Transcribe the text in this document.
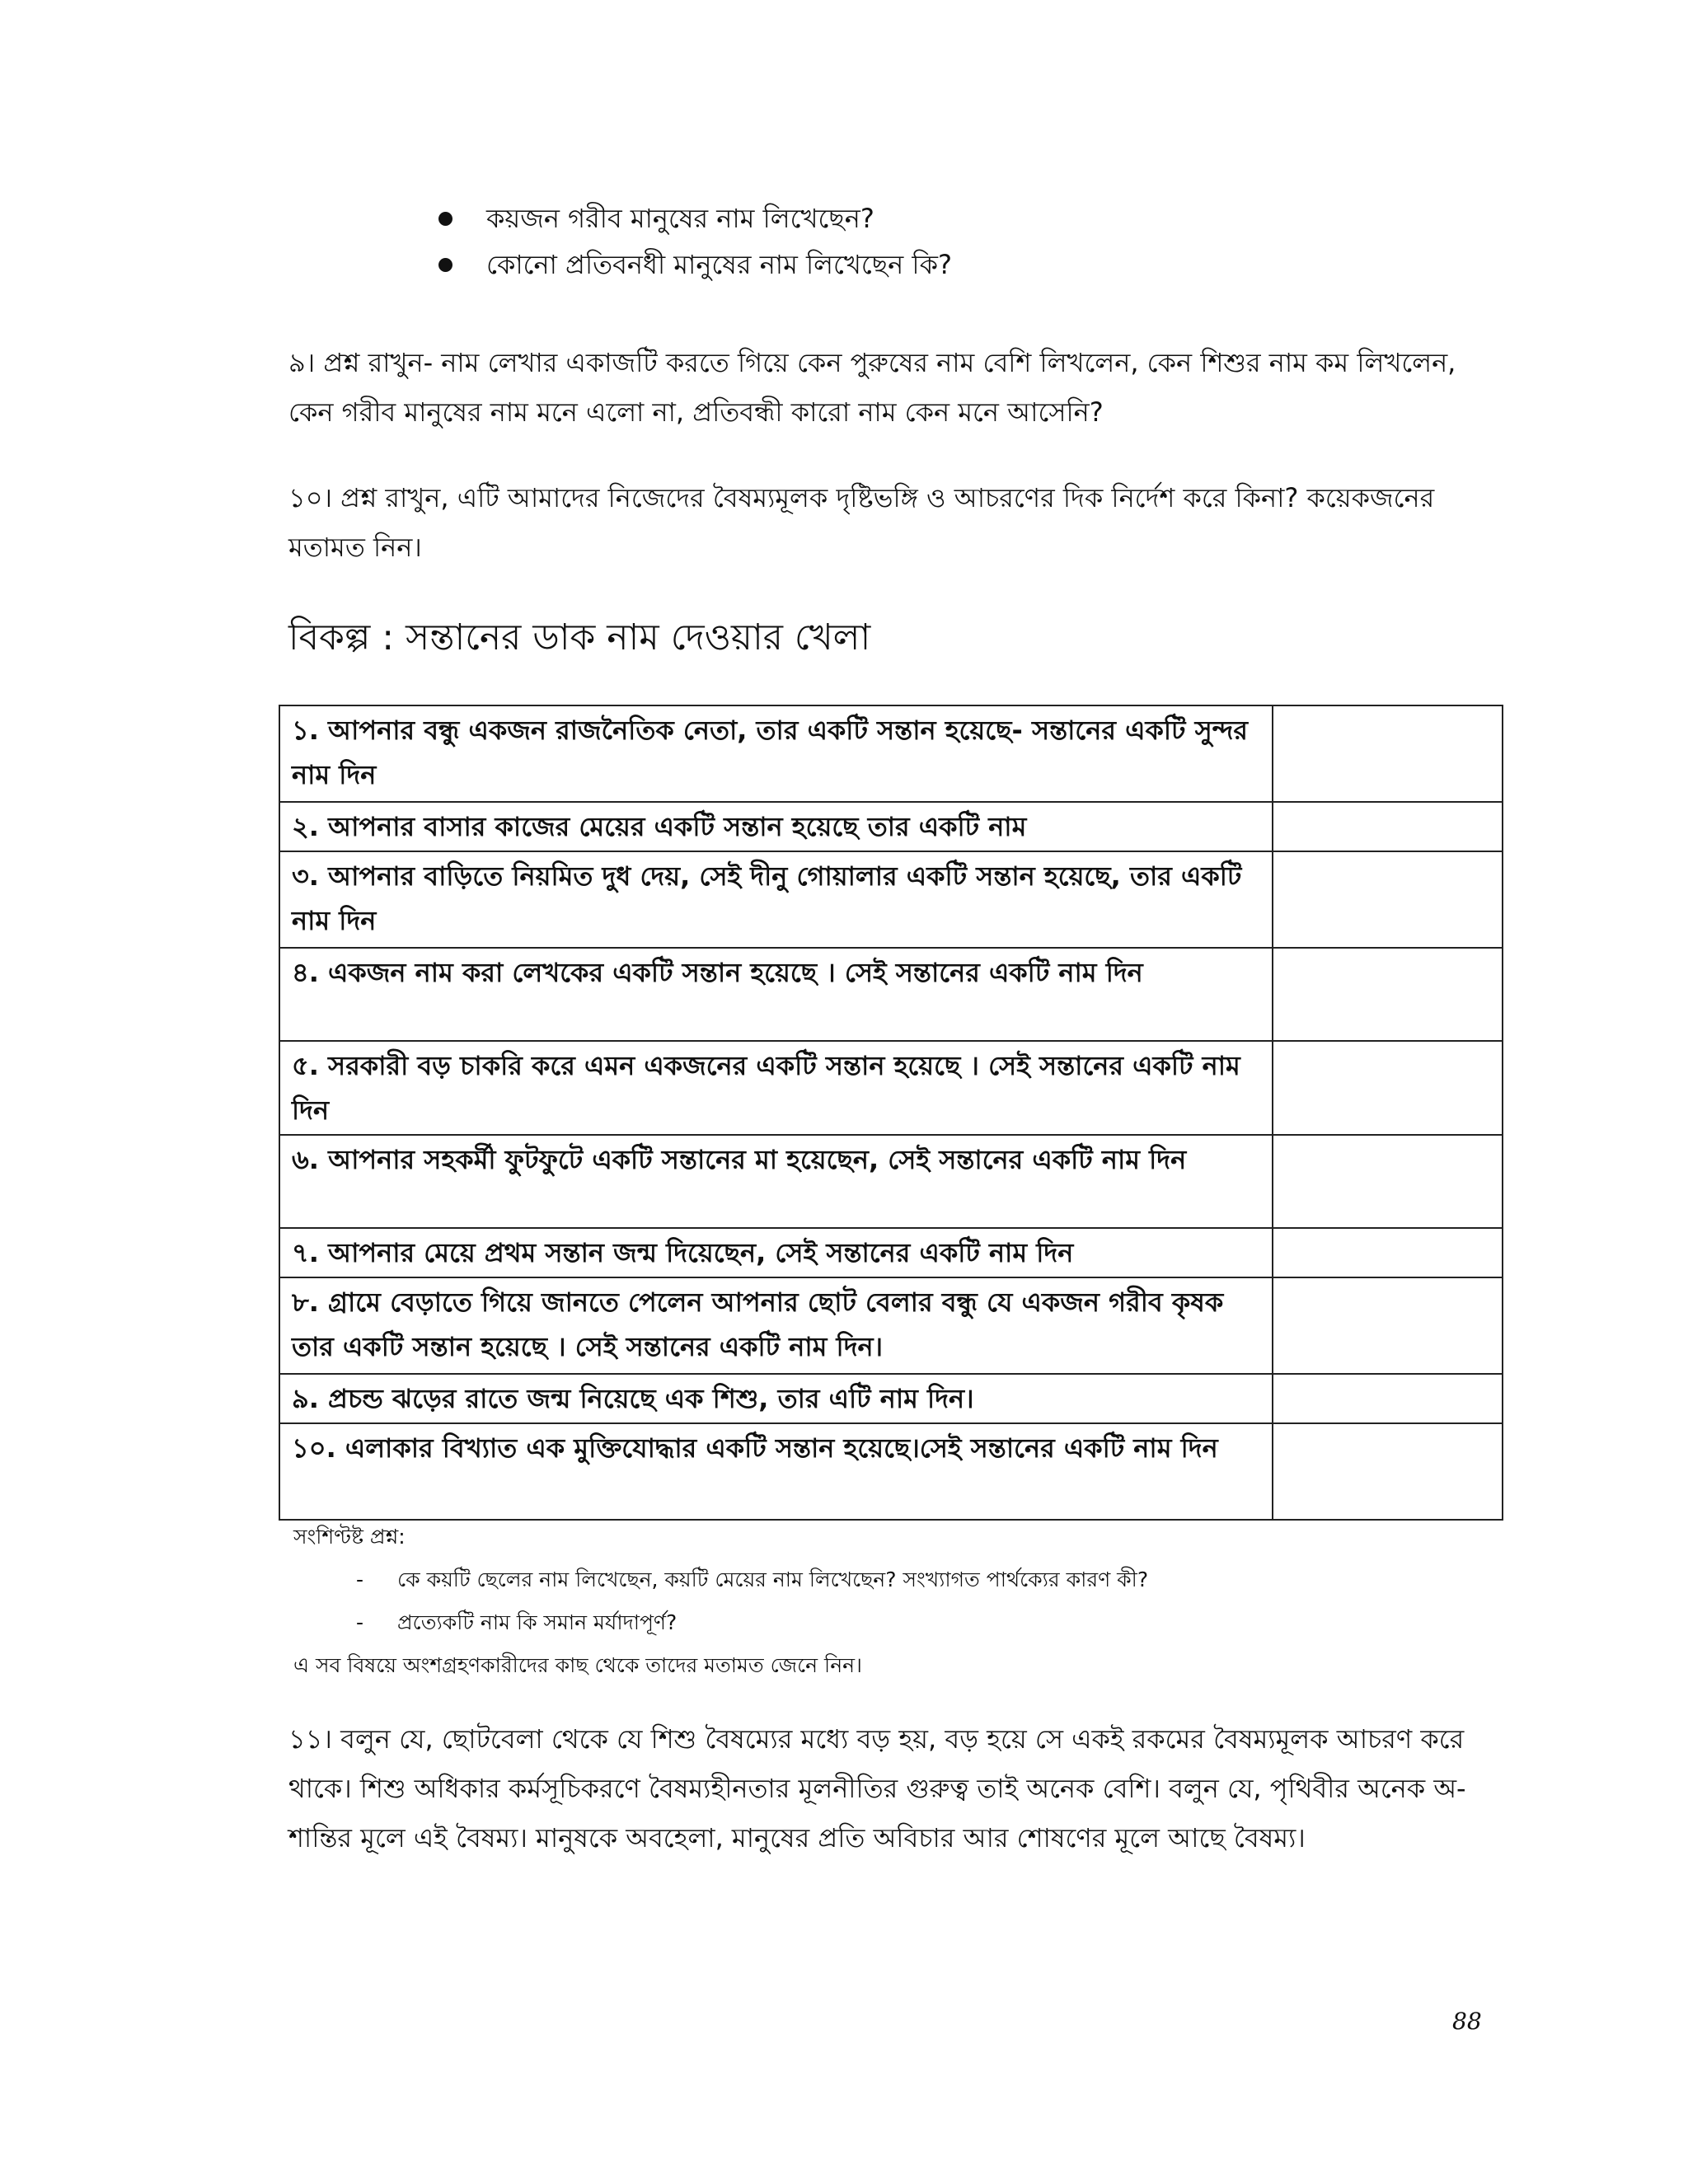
কয়জন গরীব মানুষের নাম লিখেছেন?
কোনো প্রতিবনধী মানুষের নাম লিখেছেন কি?
৯। প্রশ্ন রাখুন- নাম লেখার একাজটি করতে গিয়ে কেন পুরুষের নাম বেশি লিখলেন, কেন শিশুর নাম কম লিখলেন, কেন গরীব মানুষের নাম মনে এলো না, প্রতিবন্ধী কারো নাম কেন মনে আসেনি?
১০। প্রশ্ন রাখুন, এটি আমাদের নিজেদের বৈষম্যমূলক দৃষ্টিভঙ্গি ও আচরণের দিক নির্দেশ করে কিনা? কয়েকজনের মতামত নিন।
বিকল্প : সন্তানের ডাক নাম দেওয়ার খেলা
১. আপনার বন্ধু একজন রাজনৈতিক নেতা, তার একটি সন্তান হয়েছে- সন্তানের একটি সুন্দর নাম দিন	
২. আপনার বাসার কাজের মেয়ের একটি সন্তান হয়েছে তার একটি নাম	
৩. আপনার বাড়িতে নিয়মিত দুধ দেয়, সেই দীনু গোয়ালার একটি সন্তান হয়েছে, তার একটি নাম দিন	
৪. একজন নাম করা লেখকের একটি সন্তান হয়েছে । সেই সন্তানের একটি নাম দিন	
৫. সরকারী বড় চাকরি করে এমন একজনের একটি সন্তান হয়েছে । সেই সন্তানের একটি নাম দিন	
৬. আপনার সহকর্মী ফুটফুটে একটি সন্তানের মা হয়েছেন, সেই সন্তানের একটি নাম দিন	
৭. আপনার মেয়ে প্রথম সন্তান জন্ম দিয়েছেন, সেই সন্তানের একটি নাম দিন	
৮. গ্রামে বেড়াতে গিয়ে জানতে পেলেন আপনার ছোট বেলার বন্ধু যে একজন গরীব কৃষক তার একটি সন্তান হয়েছে । সেই সন্তানের একটি নাম দিন।	
৯. প্রচন্ড ঝড়ের রাতে জন্ম নিয়েছে এক শিশু, তার এটি নাম দিন।	
১০. এলাকার বিখ্যাত এক মুক্তিযোদ্ধার একটি সন্তান হয়েছে।সেই সন্তানের একটি নাম দিন	
সংশিণ্টষ্ট প্রশ্ন:
- কে কয়টি ছেলের নাম লিখেছেন, কয়টি মেয়ের নাম লিখেছেন? সংখ্যাগত পার্থক্যের কারণ কী?
- প্রত্যেকটি নাম কি সমান মর্যাদাপূর্ণ?
এ সব বিষয়ে অংশগ্রহণকারীদের কাছ থেকে তাদের মতামত জেনে নিন।
১১। বলুন যে, ছোটবেলা থেকে যে শিশু বৈষম্যের মধ্যে বড় হয়, বড় হয়ে সে একই রকমের বৈষম্যমূলক আচরণ করে থাকে। শিশু অধিকার কর্মসূচিকরণে বৈষম্যহীনতার মূলনীতির গুরুত্ব তাই অনেক বেশি। বলুন যে, পৃথিবীর অনেক অ-শান্তির মূলে এই বৈষম্য। মানুষকে অবহেলা, মানুষের প্রতি অবিচার আর শোষণের মূলে আছে বৈষম্য।
88
